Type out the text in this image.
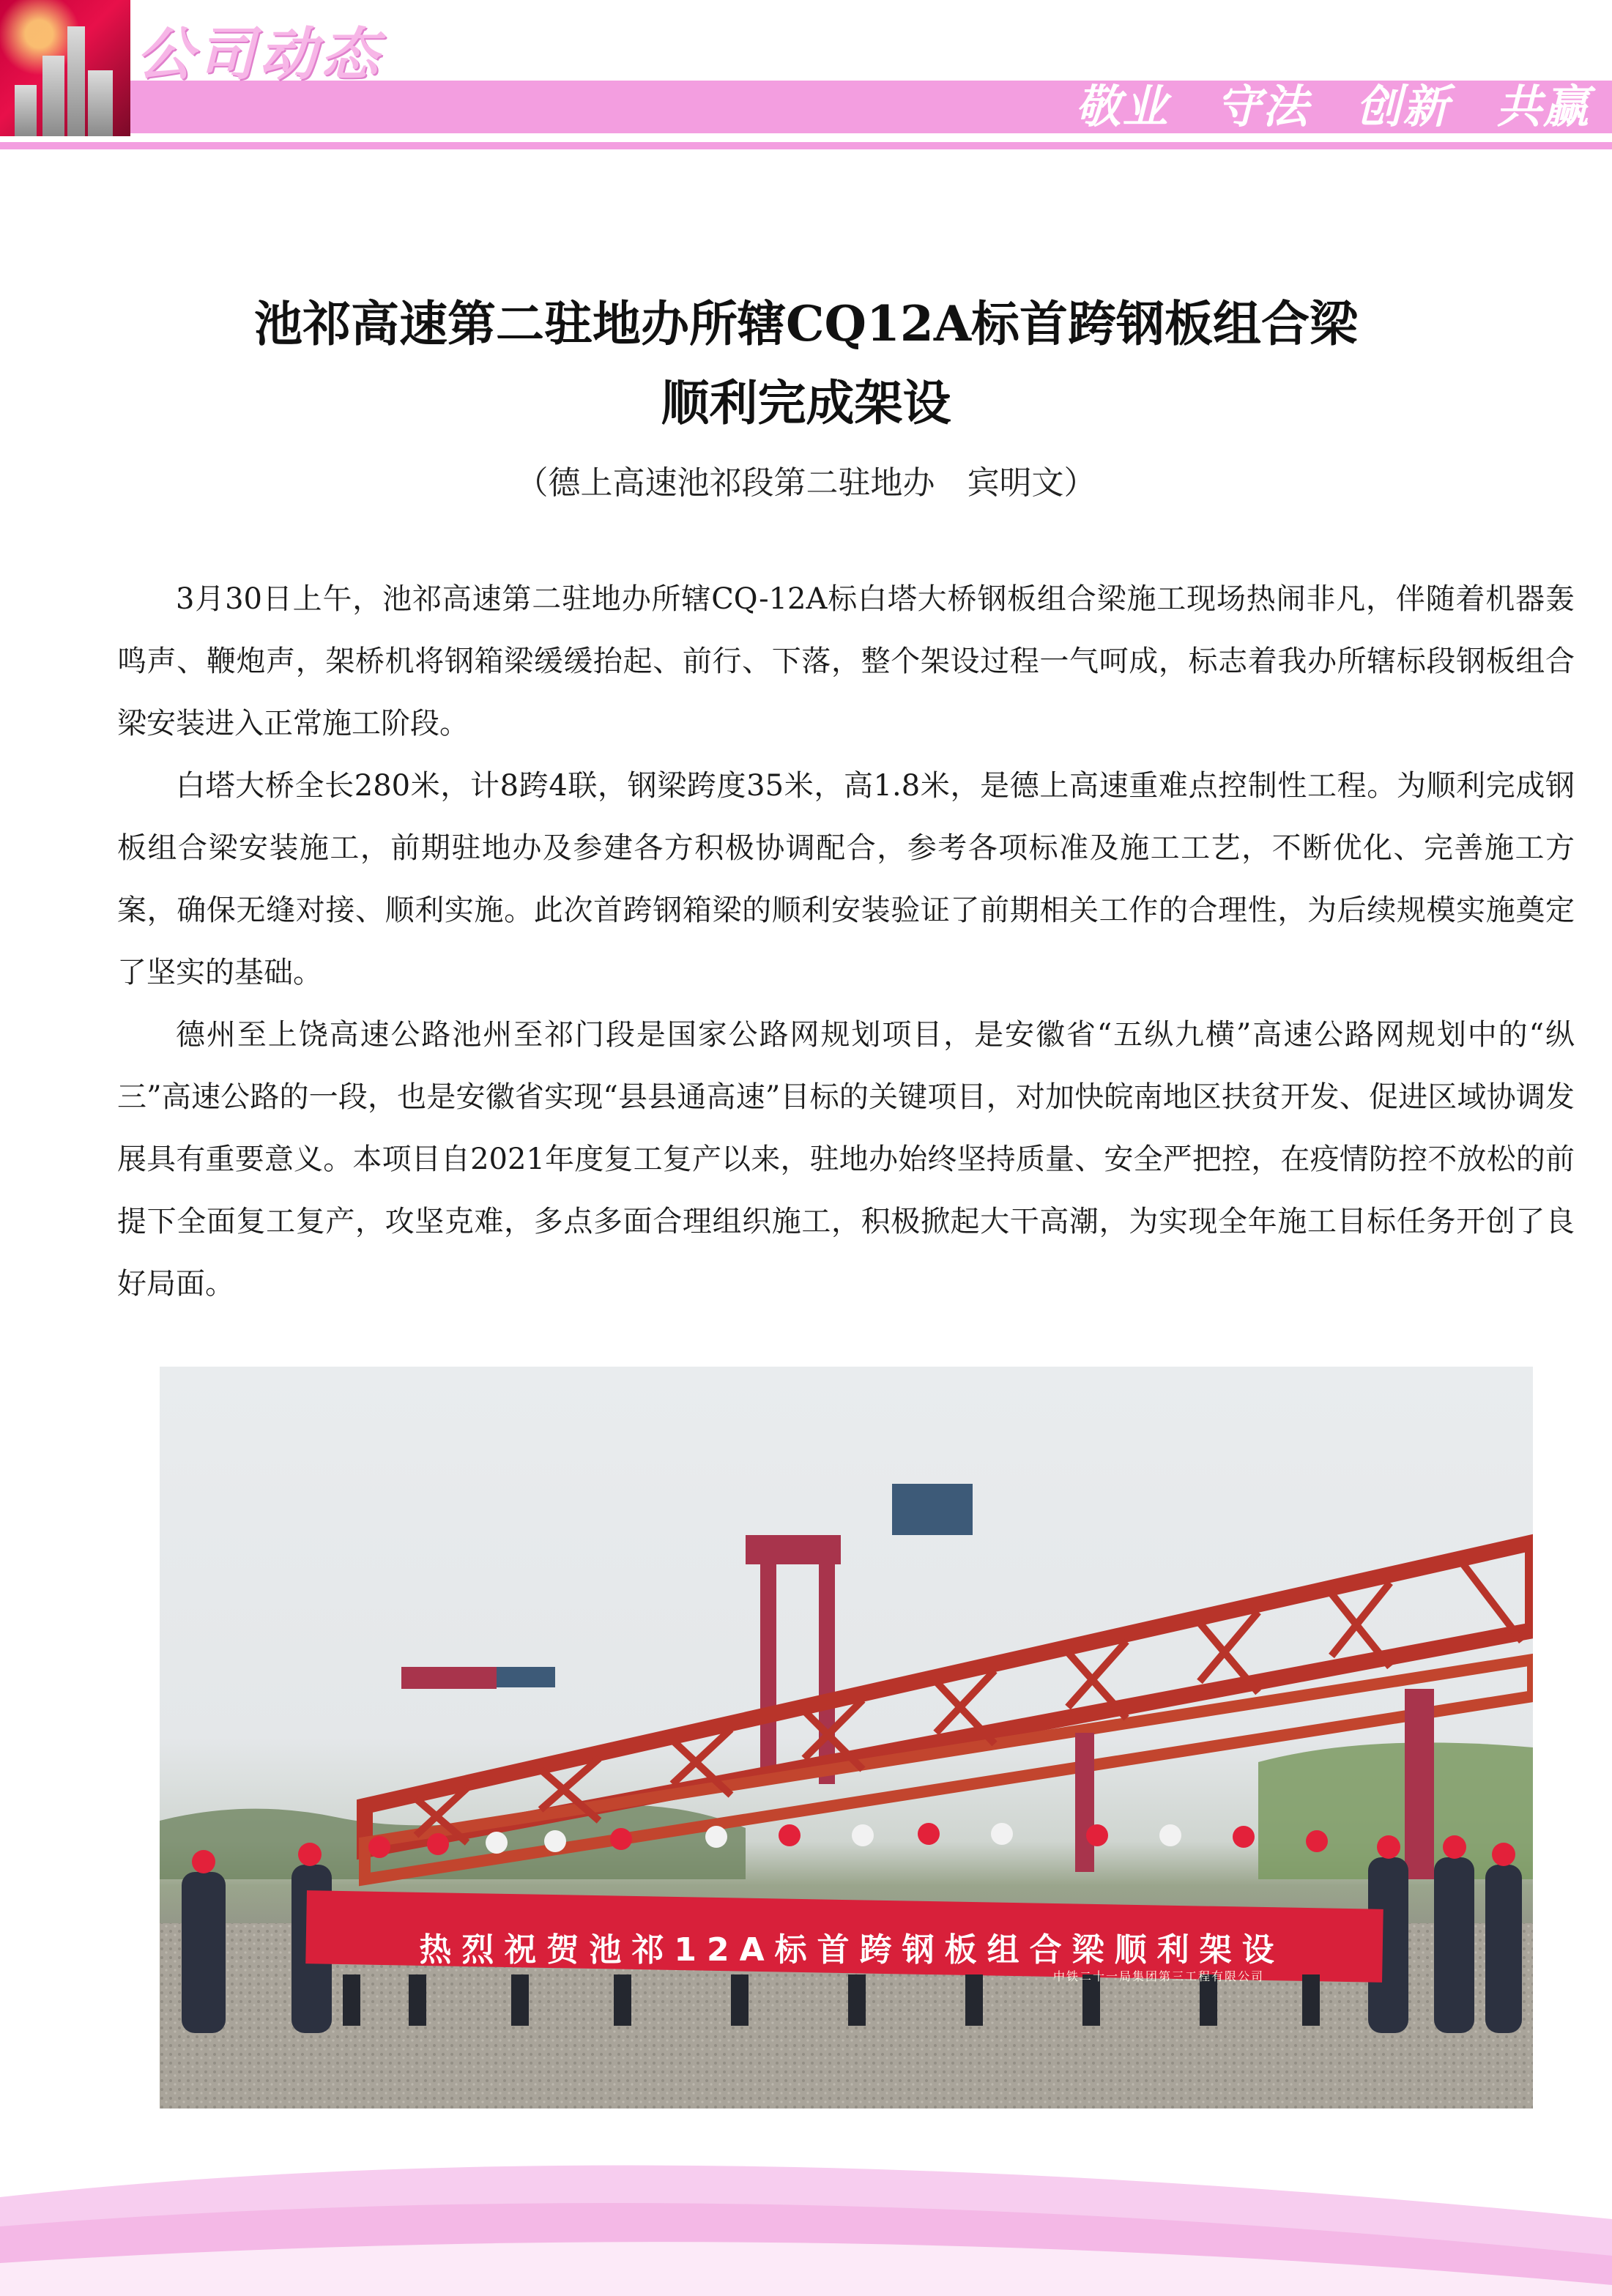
公司动态
敬业 守法 创新 共赢
池祁高速第二驻地办所辖CQ12A标首跨钢板组合梁
顺利完成架设
（德上高速池祁段第二驻地办　宾明文）

3月30日上午，池祁高速第二驻地办所辖CQ-12A标白塔大桥钢板组合梁施工现场热闹非凡，伴随着机器轰鸣声、鞭炮声，架桥机将钢箱梁缓缓抬起、前行、下落，整个架设过程一气呵成，标志着我办所辖标段钢板组合梁安装进入正常施工阶段。

白塔大桥全长280米，计8跨4联，钢梁跨度35米，高1.8米，是德上高速重难点控制性工程。为顺利完成钢板组合梁安装施工，前期驻地办及参建各方积极协调配合，参考各项标准及施工工艺，不断优化、完善施工方案，确保无缝对接、顺利实施。此次首跨钢箱梁的顺利安装验证了前期相关工作的合理性，为后续规模实施奠定了坚实的基础。

德州至上饶高速公路池州至祁门段是国家公路网规划项目，是安徽省“五纵九横”高速公路网规划中的“纵三”高速公路的一段，也是安徽省实现“县县通高速”目标的关键项目，对加快皖南地区扶贫开发、促进区域协调发展具有重要意义。本项目自2021年度复工复产以来，驻地办始终坚持质量、安全严把控，在疫情防控不放松的前提下全面复工复产，攻坚克难，多点多面合理组织施工，积极掀起大干高潮，为实现全年施工目标任务开创了良好局面。

热烈祝贺池祁12A标首跨钢板组合梁顺利架设
中铁二十一局集团第三工程有限公司
